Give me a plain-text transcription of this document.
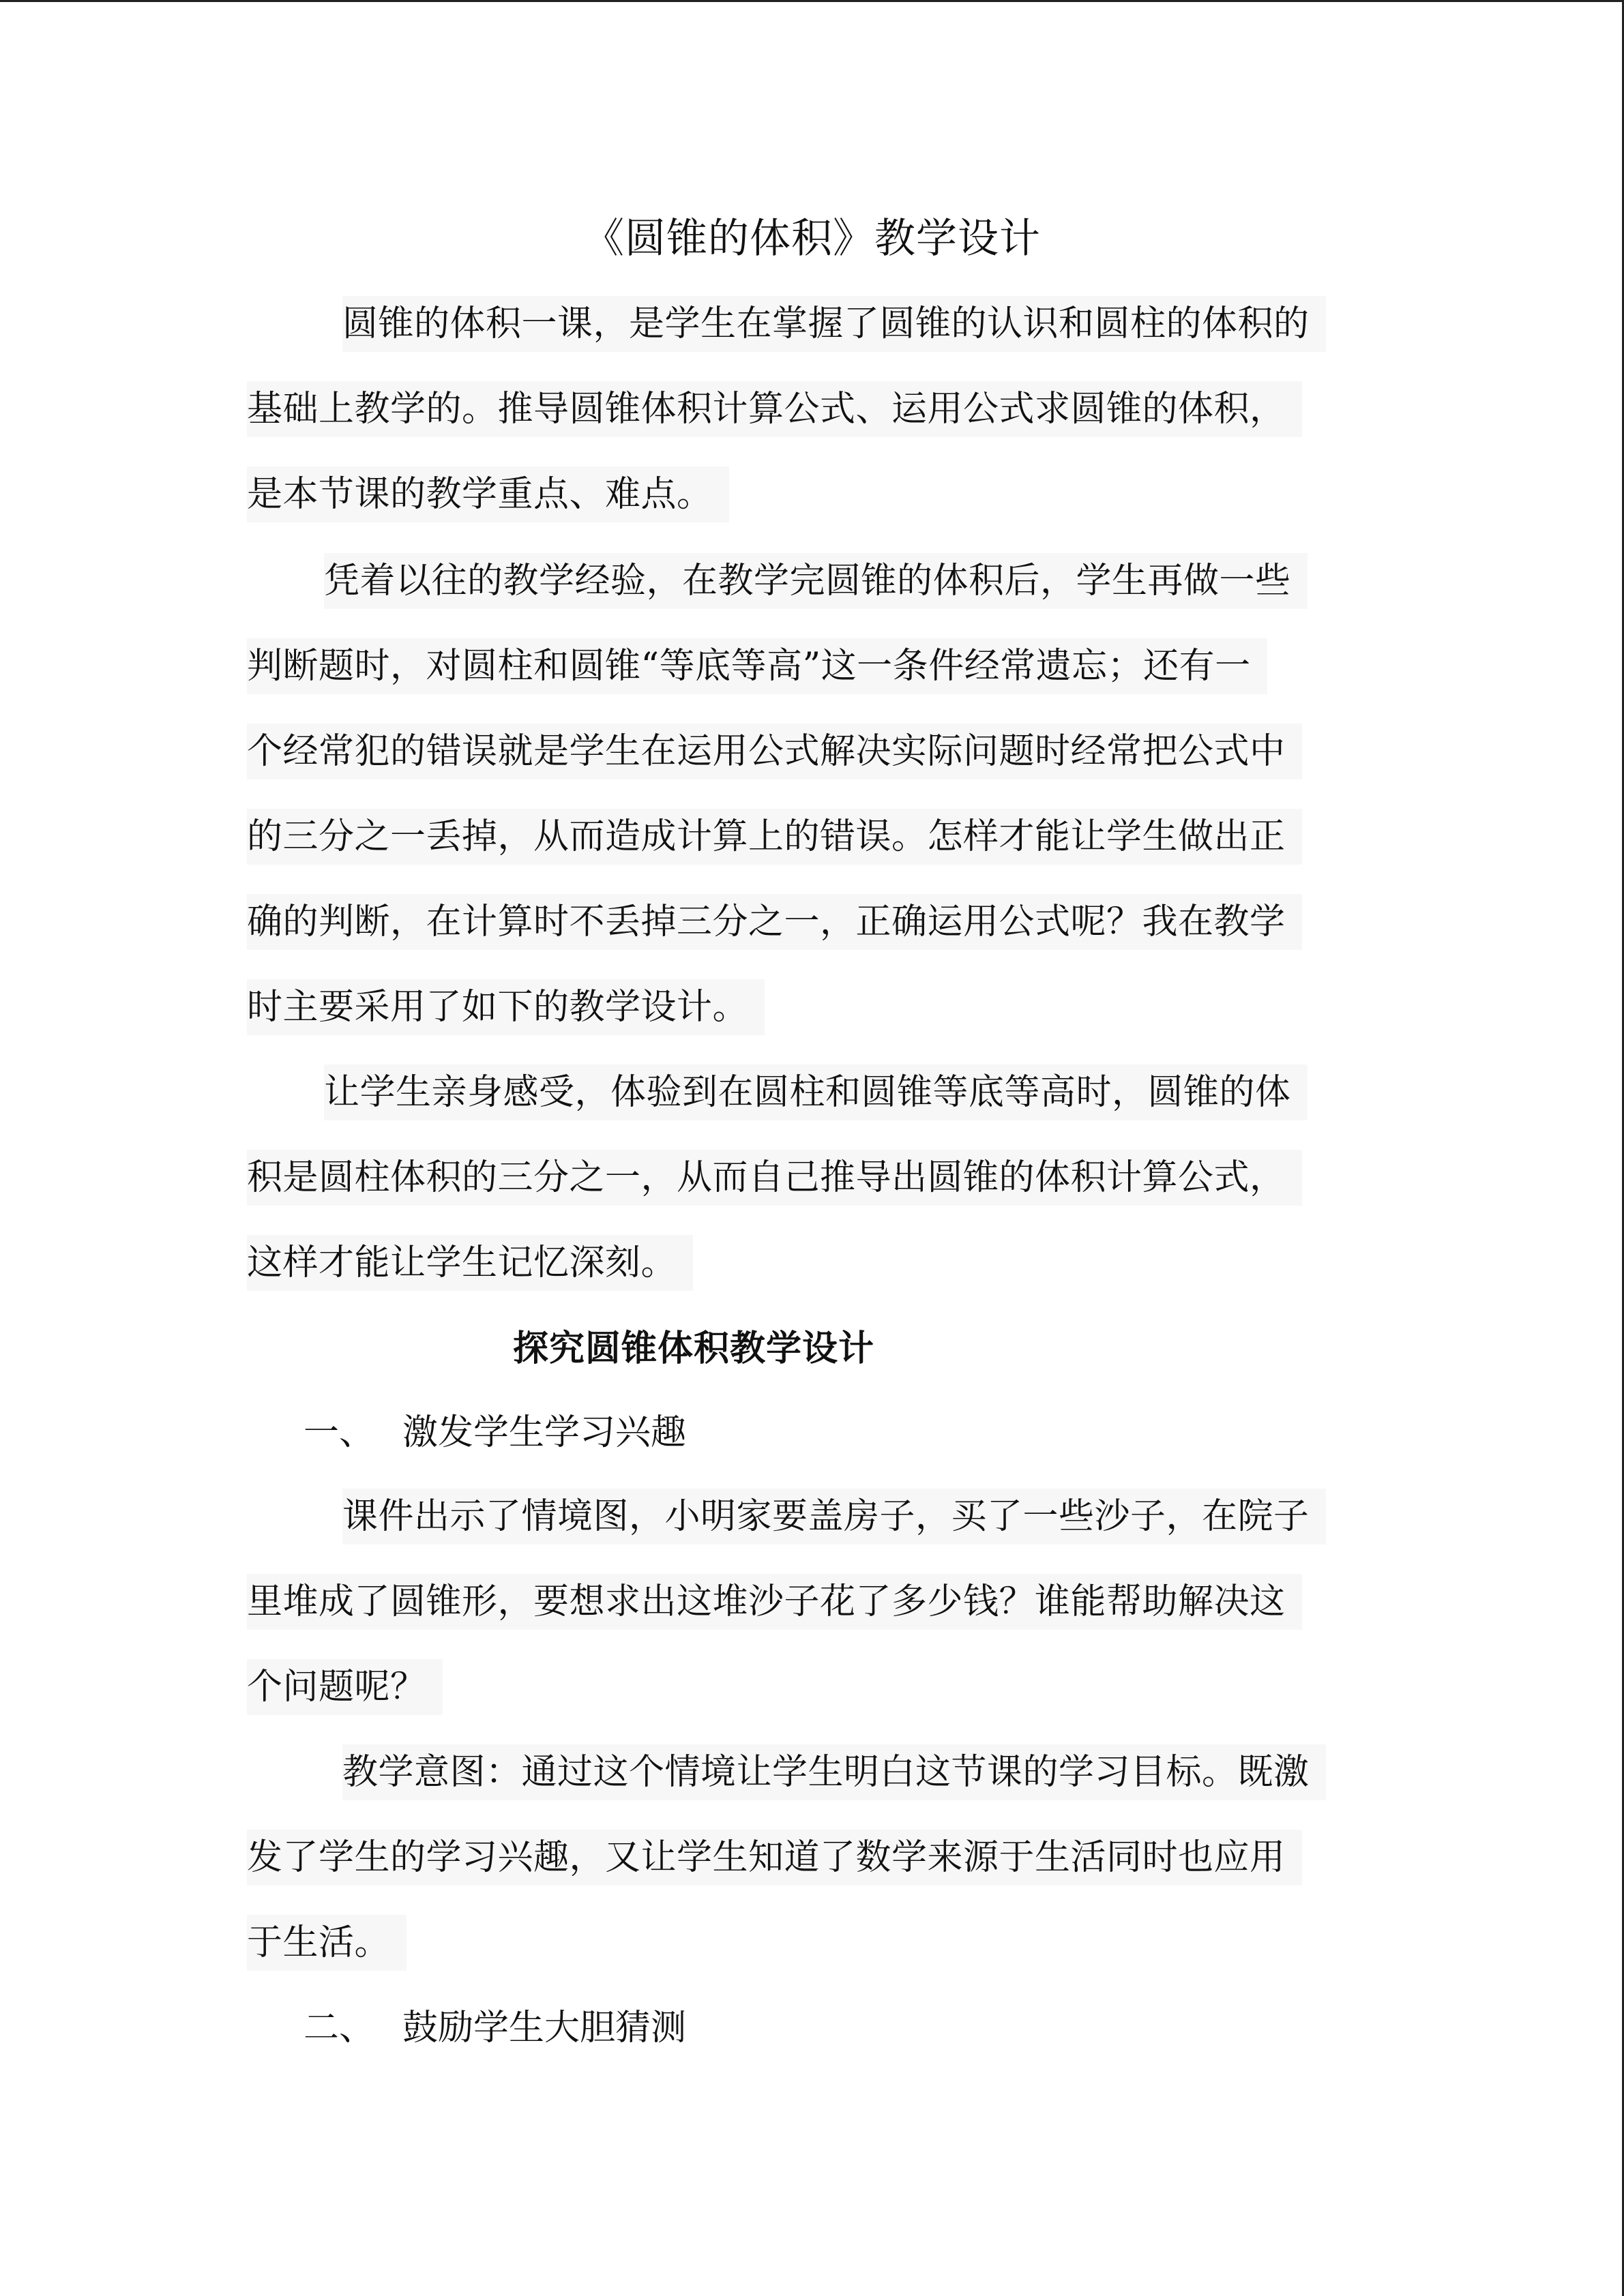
《圆锥的体积》教学设计
圆锥的体积一课，是学生在掌握了圆锥的认识和圆柱的体积的
基础上教学的。推导圆锥体积计算公式、运用公式求圆锥的体积，
是本节课的教学重点、难点。
凭着以往的教学经验，在教学完圆锥的体积后，学生再做一些
判断题时，对圆柱和圆锥“等底等高”这一条件经常遗忘；还有一
个经常犯的错误就是学生在运用公式解决实际问题时经常把公式中
的三分之一丢掉，从而造成计算上的错误。怎样才能让学生做出正
确的判断，在计算时不丢掉三分之一，正确运用公式呢？我在教学
时主要采用了如下的教学设计。
让学生亲身感受，体验到在圆柱和圆锥等底等高时，圆锥的体
积是圆柱体积的三分之一，从而自己推导出圆锥的体积计算公式，
这样才能让学生记忆深刻。
探究圆锥体积教学设计
一、 激发学生学习兴趣
课件出示了情境图，小明家要盖房子，买了一些沙子，在院子
里堆成了圆锥形，要想求出这堆沙子花了多少钱？谁能帮助解决这
个问题呢？
教学意图：通过这个情境让学生明白这节课的学习目标。既激
发了学生的学习兴趣，又让学生知道了数学来源于生活同时也应用
于生活。
二、 鼓励学生大胆猜测
